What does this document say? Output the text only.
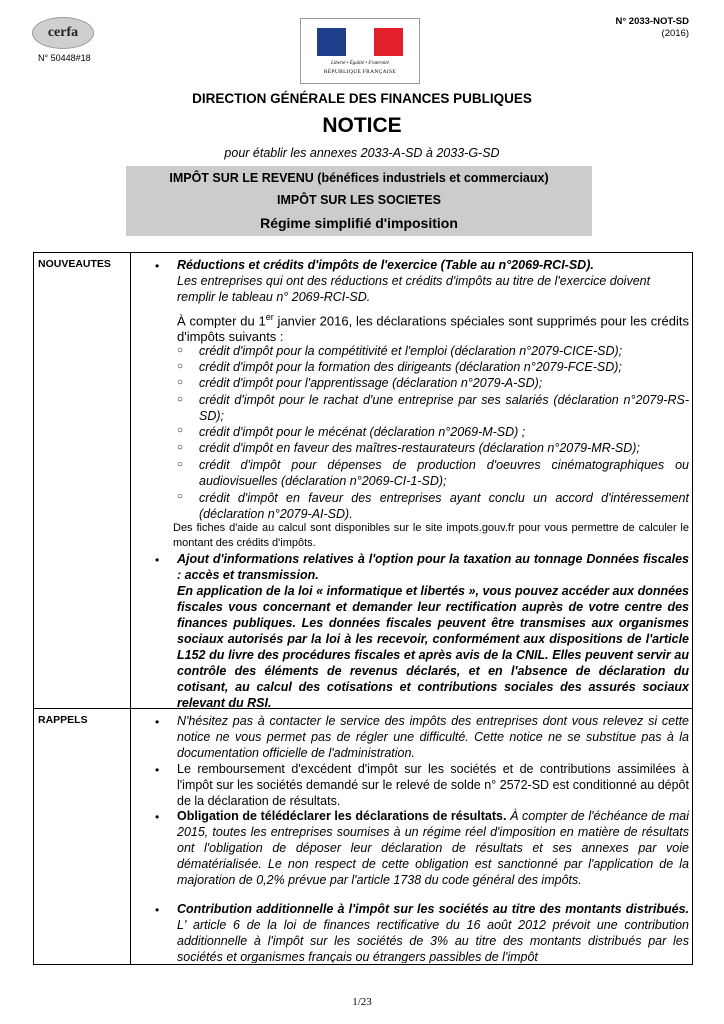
cerfa
N° 50448#18
Liberté • Égalité • Fraternité
RÉPUBLIQUE FRANÇAISE
N° 2033-NOT-SD
(2016)
DIRECTION GÉNÉRALE DES FINANCES PUBLIQUES
NOTICE
pour établir les annexes 2033-A-SD à 2033-G-SD
IMPÔT SUR LE REVENU (bénéfices industriels et commerciaux)
IMPÔT SUR LES SOCIETES
Régime simplifié d'imposition
NOUVEAUTES	• Réductions et crédits d'impôts de l'exercice (Table au n°2069-RCI-SD).

Les entreprises qui ont des réductions et crédits d'impôts au titre de l'exercice doivent remplir le tableau n° 2069-RCI-SD.

À compter du 1er janvier 2016, les déclarations spéciales sont supprimés pour les crédits d'impôts suivants :

○ crédit d'impôt pour la compétitivité et l'emploi (déclaration n°2079-CICE-SD);
○ crédit d'impôt pour la formation des dirigeants (déclaration n°2079-FCE-SD);
○ crédit d'impôt pour l'apprentissage (déclaration n°2079-A-SD);
○ crédit d'impôt pour le rachat d'une entreprise par ses salariés (déclaration n°2079-RS-SD);
○ crédit d'impôt pour le mécénat (déclaration n°2069-M-SD) ;
○ crédit d'impôt en faveur des maîtres-restaurateurs (déclaration n°2079-MR-SD);
○ crédit d'impôt pour dépenses de production d'oeuvres cinématographiques ou audiovisuelles (déclaration n°2069-CI-1-SD);
○ crédit d'impôt en faveur des entreprises ayant conclu un accord d'intéressement (déclaration n°2079-AI-SD).
Des fiches d'aide au calcul sont disponibles sur le site impots.gouv.fr pour vous permettre de calculer le montant des crédits d'impôts.
• Ajout d'informations relatives à l'option pour la taxation au tonnage Données fiscales : accès et transmission.

En application de la loi « informatique et libertés », vous pouvez accéder aux données fiscales vous concernant et demander leur rectification auprès de votre centre des finances publiques. Les données fiscales peuvent être transmises aux organismes sociaux autorisés par la loi à les recevoir, conformément aux dispositions de l'article L152 du livre des procédures fiscales et après avis de la CNIL. Elles peuvent servir au contrôle des éléments de revenus déclarés, et en l'absence de déclaration du cotisant, au calcul des cotisations et contributions sociales des assurés sociaux relevant du RSI.

RAPPELS	• N'hésitez pas à contacter le service des impôts des entreprises dont vous relevez si cette notice ne vous permet pas de régler une difficulté. Cette notice ne se substitue pas à la documentation officielle de l'administration.
• Le remboursement d'excédent d'impôt sur les sociétés et de contributions assimilées à l'impôt sur les sociétés demandé sur le relevé de solde n° 2572-SD est conditionné au dépôt de la déclaration de résultats.
• Obligation de télédéclarer les déclarations de résultats. À compter de l'échéance de mai 2015, toutes les entreprises soumises à un régime réel d'imposition en matière de résultats ont l'obligation de déposer leur déclaration de résultats et ses annexes par voie dématérialisée. Le non respect de cette obligation est sanctionné par l'application de la majoration de 0,2% prévue par l'article 1738 du code général des impôts.
• Contribution additionnelle à l'impôt sur les sociétés au titre des montants distribués. L' article 6 de la loi de finances rectificative du 16 août 2012 prévoit une contribution additionnelle à l'impôt sur les sociétés de 3% au titre des montants distribués par les sociétés et organismes français ou étrangers passibles de l'impôt
1/23
